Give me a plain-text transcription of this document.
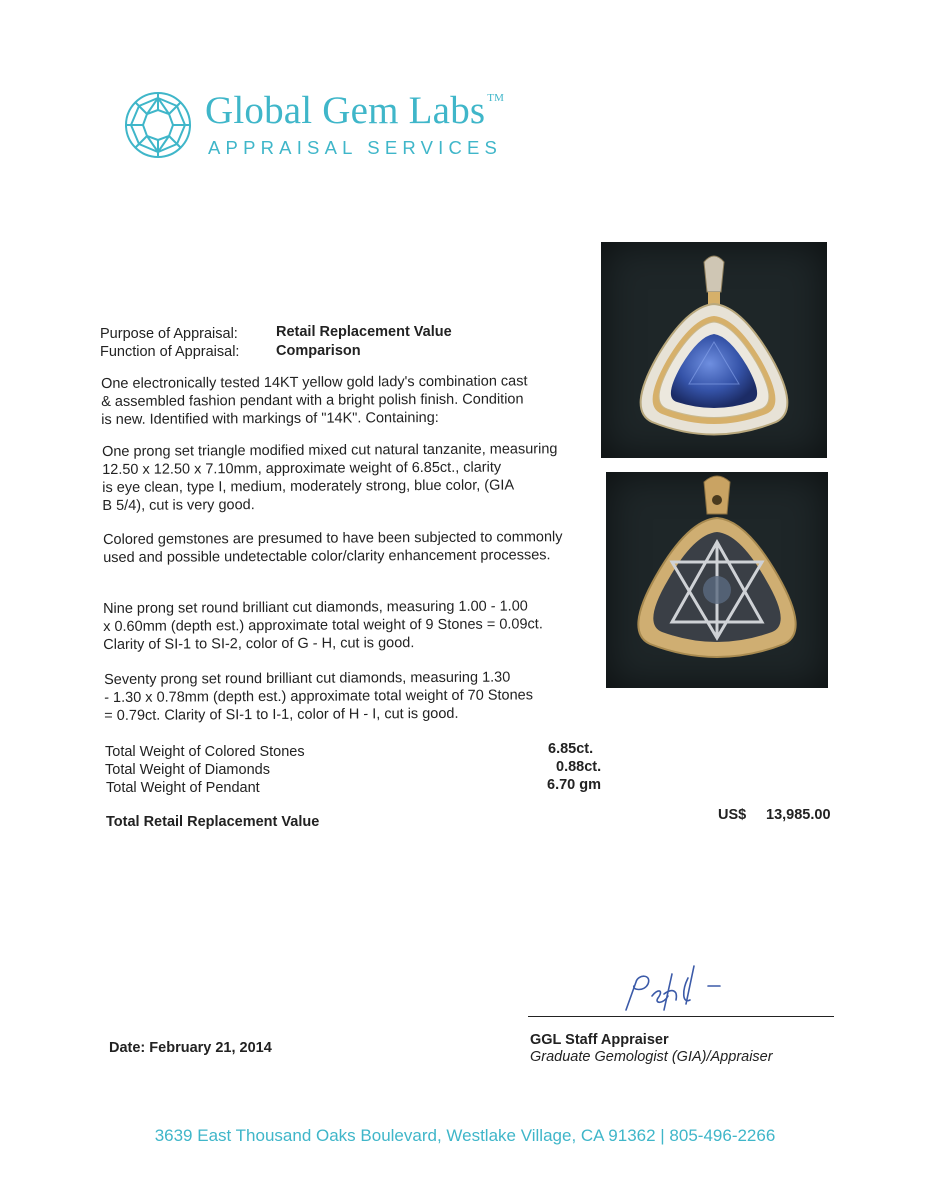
Global Gem Labs ™
APPRAISAL SERVICES
Purpose of Appraisal:	Retail Replacement Value
Function of Appraisal:	Comparison
One electronically tested 14KT yellow gold lady's combination cast
& assembled fashion pendant with a bright polish finish. Condition
is new. Identified with markings of "14K". Containing:
One prong set triangle modified mixed cut natural tanzanite, measuring
12.50 x 12.50 x 7.10mm, approximate weight of 6.85ct., clarity
is eye clean, type I, medium, moderately strong, blue color, (GIA
B 5/4), cut is very good.
Colored gemstones are presumed to have been subjected to commonly
used and possible undetectable color/clarity enhancement processes.
Nine prong set round brilliant cut diamonds, measuring 1.00 - 1.00
x 0.60mm (depth est.) approximate total weight of 9 Stones = 0.09ct.
Clarity of SI-1 to SI-2, color of G - H, cut is good.
Seventy prong set round brilliant cut diamonds, measuring 1.30
- 1.30 x 0.78mm (depth est.) approximate total weight of 70 Stones
= 0.79ct. Clarity of SI-1 to I-1, color of H - I, cut is good.
Total Weight of Colored Stones	6.85ct.
Total Weight of Diamonds	0.88ct.
Total Weight of Pendant	6.70 gm
Total Retail Replacement Value	US$ 13,985.00
Date: February 21, 2014	GGL Staff Appraiser
Graduate Gemologist (GIA)/Appraiser
3639 East Thousand Oaks Boulevard, Westlake Village, CA 91362 | 805-496-2266
